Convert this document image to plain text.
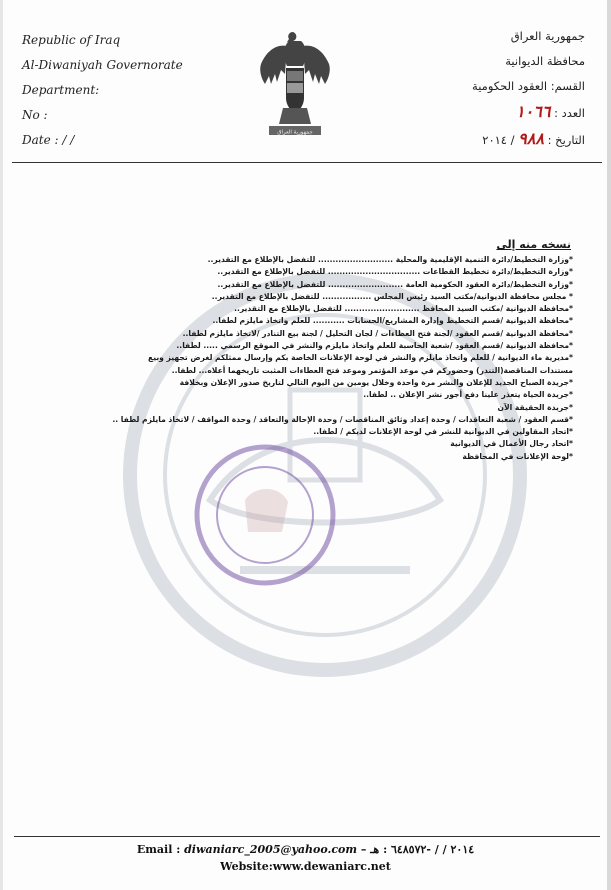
Republic of Iraq
Al-Diwaniyah Governorate
Department:
No :
Date : / /
جمهورية العراق
جمهورية العراق
محافظة الديوانية
القسم: العقود الحكومية
العدد : ١٠٦٦
التاريخ : ٩٨٨ / ٢٠١٤
نسخه منه إلى
*وزارة التخطيط/دائرة التنمية الإقليمية والمحلية .......................... للتفضل بالإطلاع مع التقدير..
*وزارة التخطيط/دائرة تخطيط القطاعات ................................ للتفضل بالإطلاع مع التقدير..
*وزارة التخطيط/دائرة العقود الحكومية العامة .......................... للتفضل بالإطلاع مع التقدير..
* مجلس محافظة الديوانية/مكتب السيد رئيس المجلس ................. للتفضل بالإطلاع مع التقدير..
*محافظة الديوانية /مكتب السيد المحافظ .......................... للتفضل بالإطلاع مع التقدير..
*محافظة الديوانية /قسم التخطيط وإدارة المشاريع/الحسابات ........... للعلم واتخاذ مايلزم لطفا..
*محافظة الديوانية /قسم العقود /لجنة فتح العطاءات / لجان التحليل / لجنة بيع التنادر /لاتخاذ مايلزم لطفا..
*محافظة الديوانية /قسم العقود /شعبة الحاسبة للعلم واتخاذ مايلزم والنشر في الموقع الرسمي ..... لطفا..
*مديرية ماء الديوانية / للعلم واتخاذ مايلزم والنشر في لوحة الإعلانات الخاصة بكم وإرسال ممثلكم لغرض تجهيز وبيع
مستندات المناقصة(التندر) وحضوركم في موعد المؤتمر وموعد فتح العطاءات المثبت تاريخهما أعلاه... لطفا..
*جريدة الصباح الجديد للإعلان والنشر مرة واحدة وخلال يومين من اليوم التالي لتاريخ صدور الإعلان وبخلافة
*جريدة الحياة يتعذر علينا دفع أجور نشر الإعلان .. لطفا..
*جريدة الحقيقة الآن
*قسم العقود / شعبة التعاقدات / وحدة إعداد وثائق المناقصات / وحدة الإحالة والتعاقد / وحدة المواقف / لاتخاذ مايلزم لطفا ..
*اتحاد المقاولين في الديوانية للنشر في لوحة الإعلانات لديكم / لطفا..
*اتحاد رجال الأعمال في الديوانية
*لوحة الإعلانات في المحافظة
Email : diwaniarc_2005@yahoo.com – ٢٠١٤ / / -٦٤٨٥٧٢ : هـ
Website:www.dewaniarc.net
